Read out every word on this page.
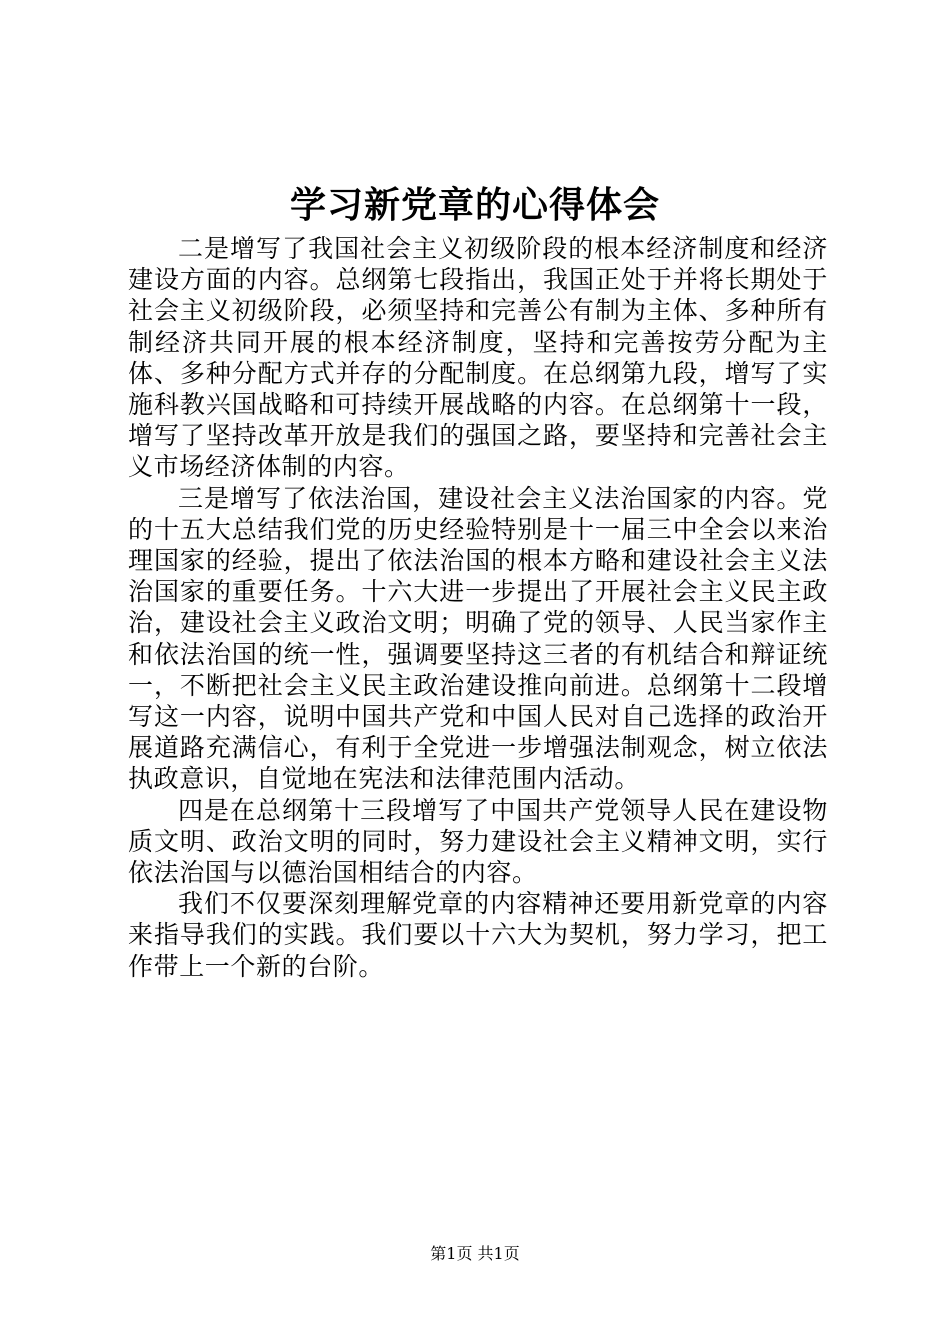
学习新党章的心得体会

二是增写了我国社会主义初级阶段的根本经济制度和经济建设方面的内容。总纲第七段指出，我国正处于并将长期处于社会主义初级阶段，必须坚持和完善公有制为主体、多种所有制经济共同开展的根本经济制度，坚持和完善按劳分配为主体、多种分配方式并存的分配制度。在总纲第九段，增写了实施科教兴国战略和可持续开展战略的内容。在总纲第十一段，增写了坚持改革开放是我们的强国之路，要坚持和完善社会主义市场经济体制的内容。

三是增写了依法治国，建设社会主义法治国家的内容。党的十五大总结我们党的历史经验特别是十一届三中全会以来治理国家的经验，提出了依法治国的根本方略和建设社会主义法治国家的重要任务。十六大进一步提出了开展社会主义民主政治，建设社会主义政治文明；明确了党的领导、人民当家作主和依法治国的统一性，强调要坚持这三者的有机结合和辩证统一，不断把社会主义民主政治建设推向前进。总纲第十二段增写这一内容，说明中国共产党和中国人民对自己选择的政治开展道路充满信心，有利于全党进一步增强法制观念，树立依法执政意识，自觉地在宪法和法律范围内活动。

四是在总纲第十三段增写了中国共产党领导人民在建设物质文明、政治文明的同时，努力建设社会主义精神文明，实行依法治国与以德治国相结合的内容。

我们不仅要深刻理解党章的内容精神还要用新党章的内容来指导我们的实践。我们要以十六大为契机，努力学习，把工作带上一个新的台阶。

第1页 共1页
